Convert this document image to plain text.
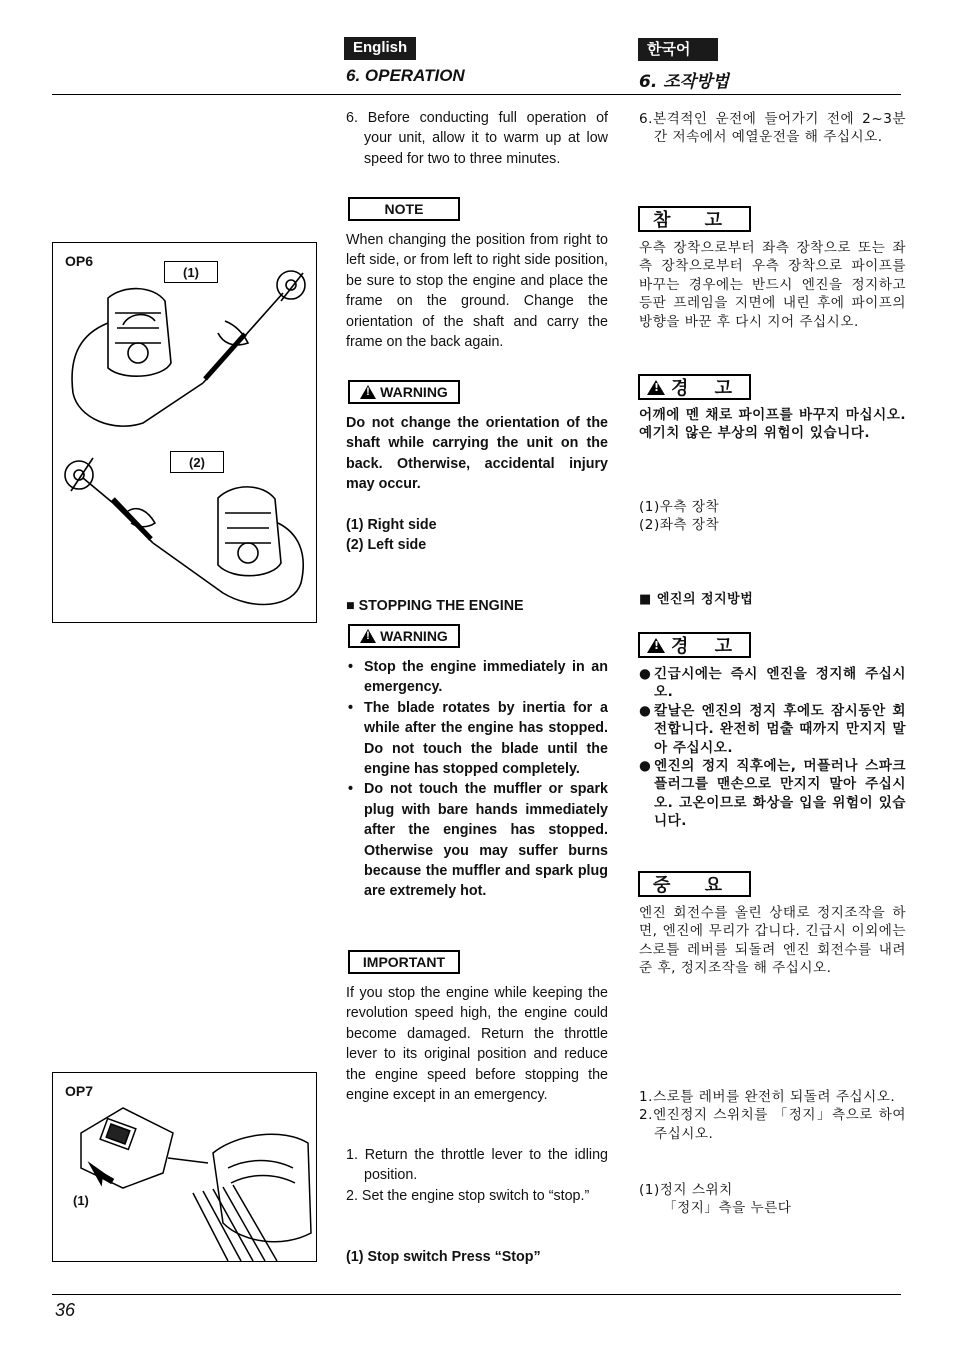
English	한국어
6. OPERATION	6. 조작방법
OP6
(1)
(2)
OP7
(1)

6. Before conducting full operation of your unit, allow it to warm up at low speed for two to three minutes.

NOTE
When changing the position from right to left side, or from left to right side position, be sure to stop the engine and place the frame on the ground. Change the orientation of the shaft and carry the frame on the back again.
!
WARNING
Do not change the orientation of the shaft while carrying the unit on the back. Otherwise, accidental injury may occur.
(1) Right side
(2) Left side
■ STOPPING THE ENGINE
!
WARNING
• Stop the engine immediately in an emergency.
• The blade rotates by inertia for a while after the engine has stopped. Do not touch the blade until the engine has stopped completely.
• Do not touch the muffler or spark plug with bare hands immediately after the engines has stopped. Otherwise you may suffer burns because the muffler and spark plug are extremely hot.
IMPORTANT
If you stop the engine while keeping the revolution speed high, the engine could become damaged. Return the throttle lever to its original position and reduce the engine speed before stopping the engine except in an emergency.

1. Return the throttle lever to the idling position.

2. Set the engine stop switch to “stop.”

(1) Stop switch Press “Stop”

6.본격적인 운전에 들어가기 전에 2~3분간 저속에서 예열운전을 해 주십시오.

참 고
우측 장착으로부터 좌측 장착으로 또는 좌측 장착으로부터 우측 장착으로 파이프를 바꾸는 경우에는 반드시 엔진을 정지하고 등판 프레임을 지면에 내린 후에 파이프의 방향을 바꾼 후 다시 지어 주십시오.
!
경 고
어깨에 멘 채로 파이프를 바꾸지 마십시오. 예기치 않은 부상의 위험이 있습니다.
(1)우측 장착
(2)좌측 장착
■ 엔진의 정지방법
!
경 고
● 긴급시에는 즉시 엔진을 정지해 주십시오.
● 칼날은 엔진의 정지 후에도 잠시동안 회전합니다. 완전히 멈출 때까지 만지지 말아 주십시오.
● 엔진의 정지 직후에는, 머플러나 스파크 플러그를 맨손으로 만지지 말아 주십시오. 고온이므로 화상을 입을 위험이 있습니다.
중 요
엔진 회전수를 올린 상태로 정지조작을 하면, 엔진에 무리가 갑니다. 긴급시 이외에는 스로틀 레버를 되돌려 엔진 회전수를 내려준 후, 정지조작을 해 주십시오.

1.스로틀 레버를 완전히 되돌려 주십시오.

2.엔진정지 스위치를 「정지」측으로 하여 주십시오.

(1)정지 스위치

「정지」측을 누른다

36
